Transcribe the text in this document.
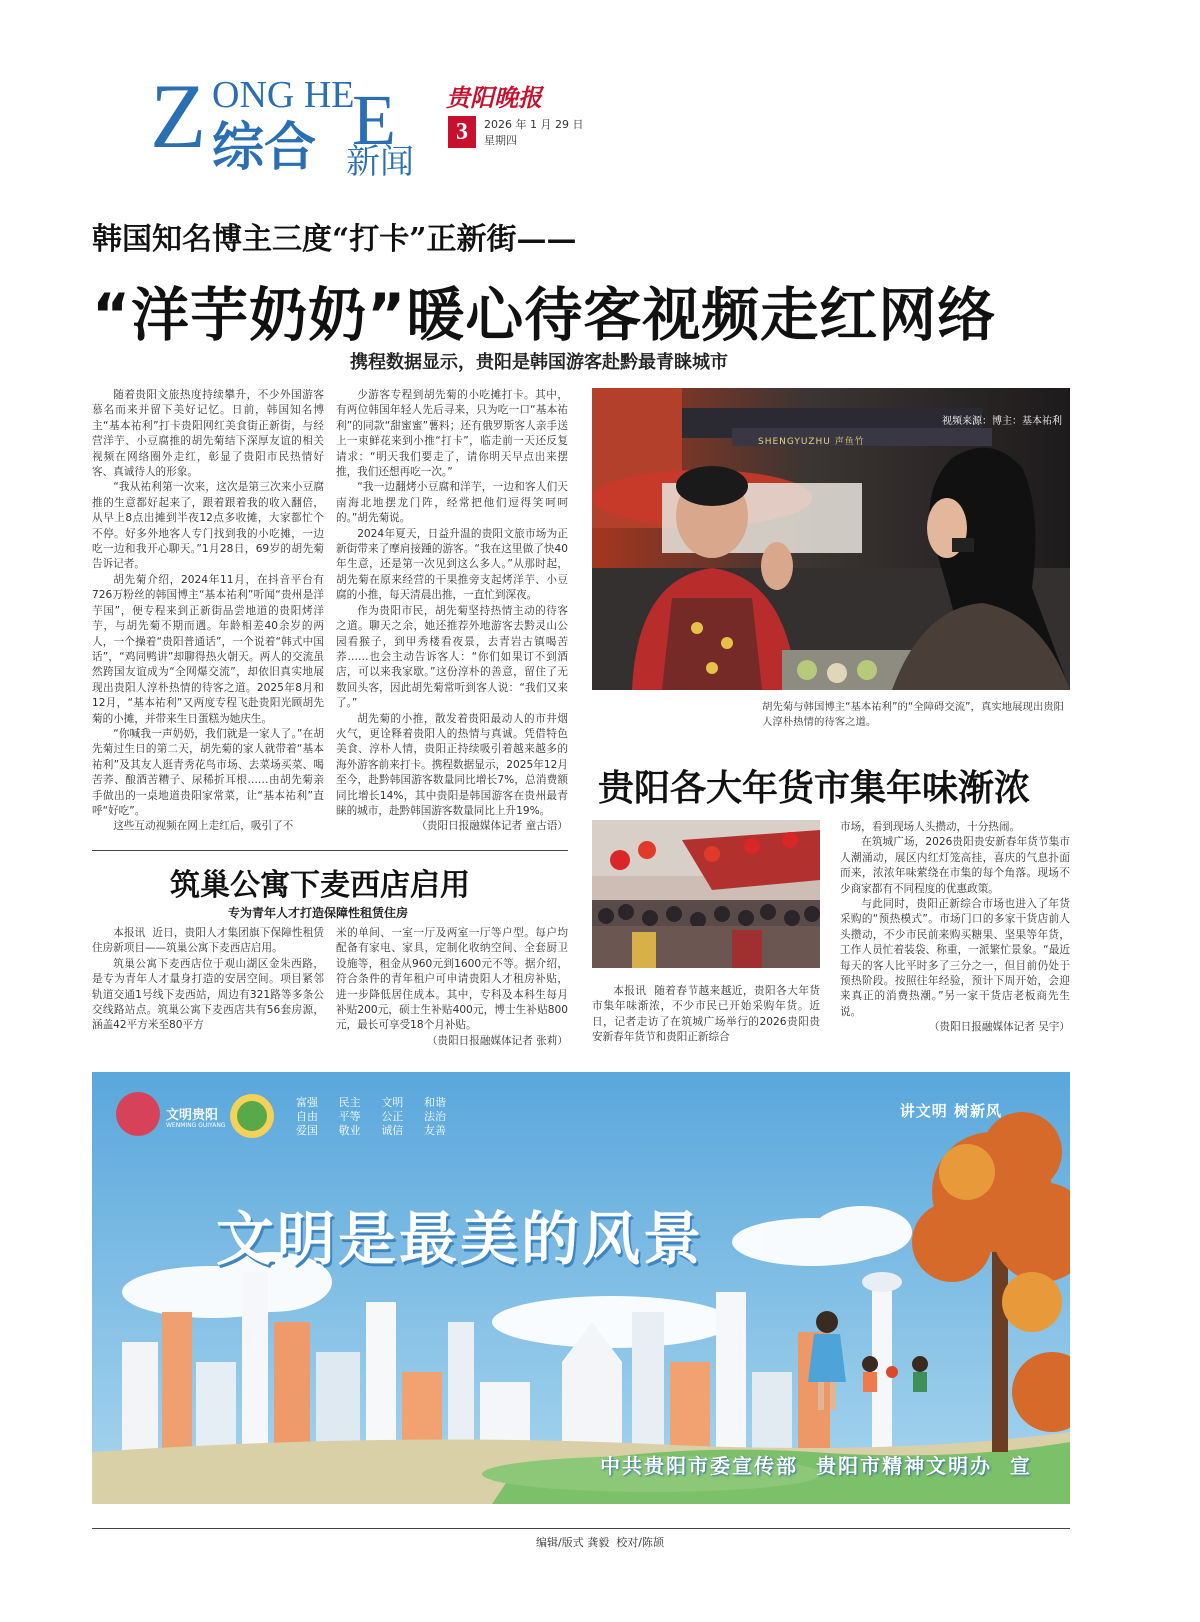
Z ONG HE
E
综合 新闻
贵阳晚报
3	2026 年 1 月 29 日
星期四
韩国知名博主三度“打卡”正新街——
“洋芋奶奶”暖心待客视频走红网络
携程数据显示，贵阳是韩国游客赴黔最青睐城市

随着贵阳文旅热度持续攀升，不少外国游客慕名而来并留下美好记忆。日前，韩国知名博主“基本祐利”打卡贵阳网红美食街正新街，与经营洋芋、小豆腐推的胡先菊结下深厚友谊的相关视频在网络圈外走红，彰显了贵阳市民热情好客、真诚待人的形象。

“我从祐利第一次来，这次是第三次来小豆腐推的生意都好起来了，跟着跟着我的收入翻倍，从早上8点出摊到半夜12点多收摊，大家都忙个不停。好多外地客人专门找到我的小吃摊，一边吃一边和我开心聊天。”1月28日，69岁的胡先菊告诉记者。

胡先菊介绍，2024年11月，在抖音平台有726万粉丝的韩国博主“基本祐利”听闻“贵州是洋芋国”，便专程来到正新街品尝地道的贵阳烤洋芋，与胡先菊不期而遇。年龄相差40余岁的两人，一个操着“贵阳普通话”，一个说着“韩式中国话”，“鸡同鸭讲”却聊得热火朝天。两人的交流虽然跨国友谊成为“全网爆交流”，却依旧真实地展现出贵阳人淳朴热情的待客之道。2025年8月和12月，“基本祐利”又两度专程飞赴贵阳光顾胡先菊的小摊，并带来生日蛋糕为她庆生。

“你喊我一声奶奶，我们就是一家人了。”在胡先菊过生日的第二天，胡先菊的家人就带着“基本祐利”及其友人逛青秀花鸟市场、去菜场买菜、喝苦荞、酿酒苦糟子、尿稀折耳根……由胡先菊亲手做出的一桌地道贵阳家常菜，让“基本祐利”直呼“好吃”。

这些互动视频在网上走红后，吸引了不

少游客专程到胡先菊的小吃摊打卡。其中，有两位韩国年轻人先后寻来，只为吃一口“基本祐利”的同款“甜蜜蜜”薯料；还有俄罗斯客人亲手送上一束鲜花来到小推“打卡”，临走前一天还反复请求：“明天我们要走了，请你明天早点出来摆推，我们还想再吃一次。”

“我一边翻烤小豆腐和洋芋，一边和客人们天南海北地摆龙门阵，经常把他们逗得笑呵呵的。”胡先菊说。

2024年夏天，日益升温的贵阳文旅市场为正新街带来了摩肩接踵的游客。“我在这里做了快40年生意，还是第一次见到这么多人。”从那时起，胡先菊在原来经营的干果推旁支起烤洋芋、小豆腐的小推，每天清晨出推，一直忙到深夜。

作为贵阳市民，胡先菊坚持热情主动的待客之道。聊天之余，她还推荐外地游客去黔灵山公园看猴子，到甲秀楼看夜景，去青岩古镇喝苦荞……也会主动告诉客人：“你们如果订不到酒店，可以来我家歇。”这份淳朴的善意，留住了无数回头客，因此胡先菊常听到客人说：“我们又来了。”

胡先菊的小推，散发着贵阳最动人的市井烟火气，更诠释着贵阳人的热情与真诚。凭借特色美食、淳朴人情，贵阳正持续吸引着越来越多的海外游客前来打卡。携程数据显示，2025年12月至今，赴黔韩国游客数量同比增长7%，总消费额同比增长14%，其中贵阳是韩国游客在贵州最青睐的城市，赴黔韩国游客数量同比上升19%。

（贵阳日报融媒体记者 童古语）
SHENGYUZHU 声鱼竹
视频来源：博主：基本祐利
胡先菊与韩国博主“基本祐利”的“全障碍交流”，真实地展现出贵阳人淳朴热情的待客之道。
贵阳各大年货市集年味渐浓

本报讯 随着春节越来越近，贵阳各大年货市集年味渐浓，不少市民已开始采购年货。近日，记者走访了在筑城广场举行的2026贵阳贵安新春年货节和贵阳正新综合

市场，看到现场人头攒动，十分热闹。

在筑城广场，2026贵阳贵安新春年货节集市人潮涌动，展区内红灯笼高挂，喜庆的气息扑面而来，浓浓年味萦绕在市集的每个角落。现场不少商家都有不同程度的优惠政策。

与此同时，贵阳正新综合市场也进入了年货采购的“预热模式”。市场门口的多家干货店前人头攒动，不少市民前来购买糖果、坚果等年货，工作人员忙着装袋、称重，一派繁忙景象。“最近每天的客人比平时多了三分之一，但目前仍处于预热阶段。按照往年经验，预计下周开始，会迎来真正的消费热潮。”另一家干货店老板商先生说。

（贵阳日报融媒体记者 吴宇）
筑巢公寓下麦西店启用
专为青年人才打造保障性租赁住房

本报讯 近日，贵阳人才集团旗下保障性租赁住房新项目——筑巢公寓下麦西店启用。

筑巢公寓下麦西店位于观山湖区金朱西路，是专为青年人才量身打造的安居空间。项目紧邻轨道交通1号线下麦西站，周边有321路等多条公交线路站点。筑巢公寓下麦西店共有56套房源，涵盖42平方米至80平方

米的单间、一室一厅及两室一厅等户型。每户均配备有家电、家具，定制化收纳空间、全套厨卫设施等，租金从960元到1600元不等。据介绍，符合条件的青年租户可申请贵阳人才租房补贴，进一步降低居住成本。其中，专科及本科生每月补贴200元，硕士生补贴400元，博士生补贴800元，最长可享受18个月补贴。

（贵阳日报融媒体记者 张莉）
文明贵阳
WENMING GUIYANG
富强 民主 文明 和谐
自由 平等 公正 法治
爱国 敬业 诚信 友善
讲文明 树新风
文明是最美的风景
中共贵阳市委宣传部  贵阳市精神文明办  宣
编辑/版式 龚毅  校对/陈颉
